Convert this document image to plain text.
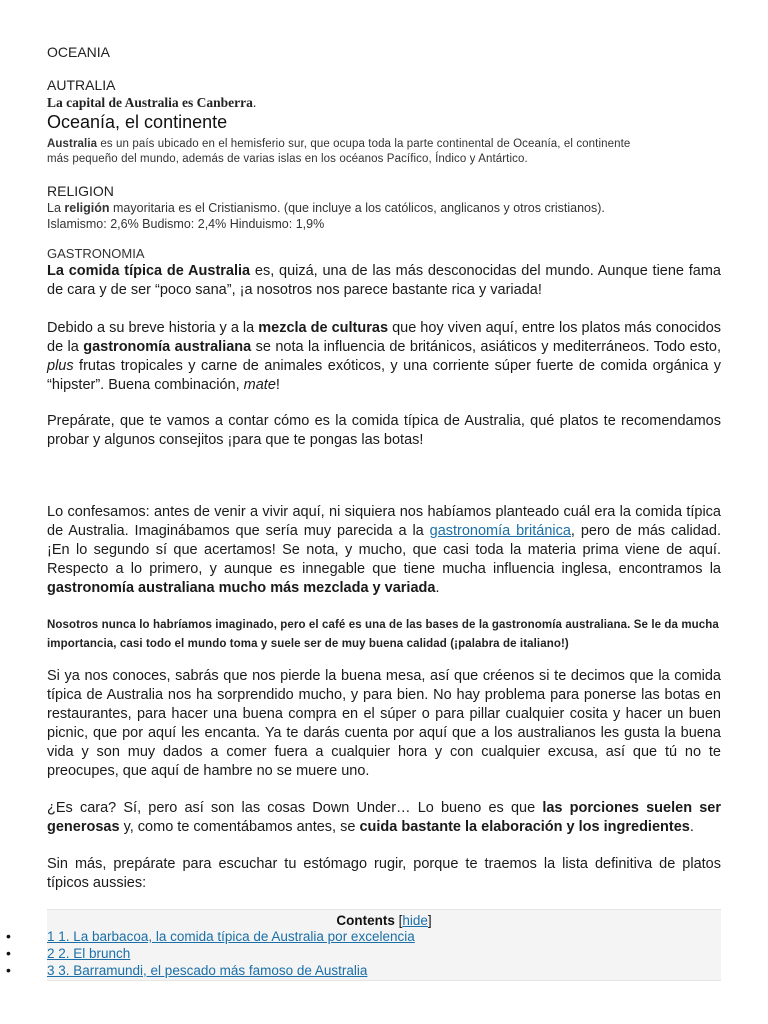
OCEANIA
AUTRALIA
La capital de Australia es Canberra.
Oceanía, el continente
Australia es un país ubicado en el hemisferio sur, que ocupa toda la parte continental de Oceanía, el continente
más pequeño del mundo, además de varias islas en los océanos Pacífico, Índico y Antártico.
RELIGION
La religión mayoritaria es el Cristianismo. (que incluye a los católicos, anglicanos y otros cristianos).
Islamismo: 2,6% Budismo: 2,4% Hinduismo: 1,9%
GASTRONOMIA

La comida típica de Australia es, quizá, una de las más desconocidas del mundo. Aunque tiene fama de cara y de ser “poco sana”, ¡a nosotros nos parece bastante rica y variada!

Debido a su breve historia y a la mezcla de culturas que hoy viven aquí, entre los platos más conocidos de la gastronomía australiana se nota la influencia de británicos, asiáticos y mediterráneos. Todo esto, plus frutas tropicales y carne de animales exóticos, y una corriente súper fuerte de comida orgánica y “hipster”. Buena combinación, mate!

Prepárate, que te vamos a contar cómo es la comida típica de Australia, qué platos te recomendamos probar y algunos consejitos ¡para que te pongas las botas!

Lo confesamos: antes de venir a vivir aquí, ni siquiera nos habíamos planteado cuál era la comida típica de Australia. Imaginábamos que sería muy parecida a la gastronomía británica, pero de más calidad. ¡En lo segundo sí que acertamos! Se nota, y mucho, que casi toda la materia prima viene de aquí. Respecto a lo primero, y aunque es innegable que tiene mucha influencia inglesa, encontramos la gastronomía australiana mucho más mezclada y variada.

Nosotros nunca lo habríamos imaginado, pero el café es una de las bases de la gastronomía australiana. Se le da mucha importancia, casi todo el mundo toma y suele ser de muy buena calidad (¡palabra de italiano!)

Si ya nos conoces, sabrás que nos pierde la buena mesa, así que créenos si te decimos que la comida típica de Australia nos ha sorprendido mucho, y para bien. No hay problema para ponerse las botas en restaurantes, para hacer una buena compra en el súper o para pillar cualquier cosita y hacer un buen picnic, que por aquí les encanta. Ya te darás cuenta por aquí que a los australianos les gusta la buena vida y son muy dados a comer fuera a cualquier hora y con cualquier excusa, así que tú no te preocupes, que aquí de hambre no se muere uno.

¿Es cara? Sí, pero así son las cosas Down Under… Lo bueno es que las porciones suelen ser generosas y, como te comentábamos antes, se cuida bastante la elaboración y los ingredientes.

Sin más, prepárate para escuchar tu estómago rugir, porque te traemos la lista definitiva de platos típicos aussies:

Contents [hide]
•	1 1. La barbacoa, la comida típica de Australia por excelencia
•	2 2. El brunch
•	3 3. Barramundi, el pescado más famoso de Australia
